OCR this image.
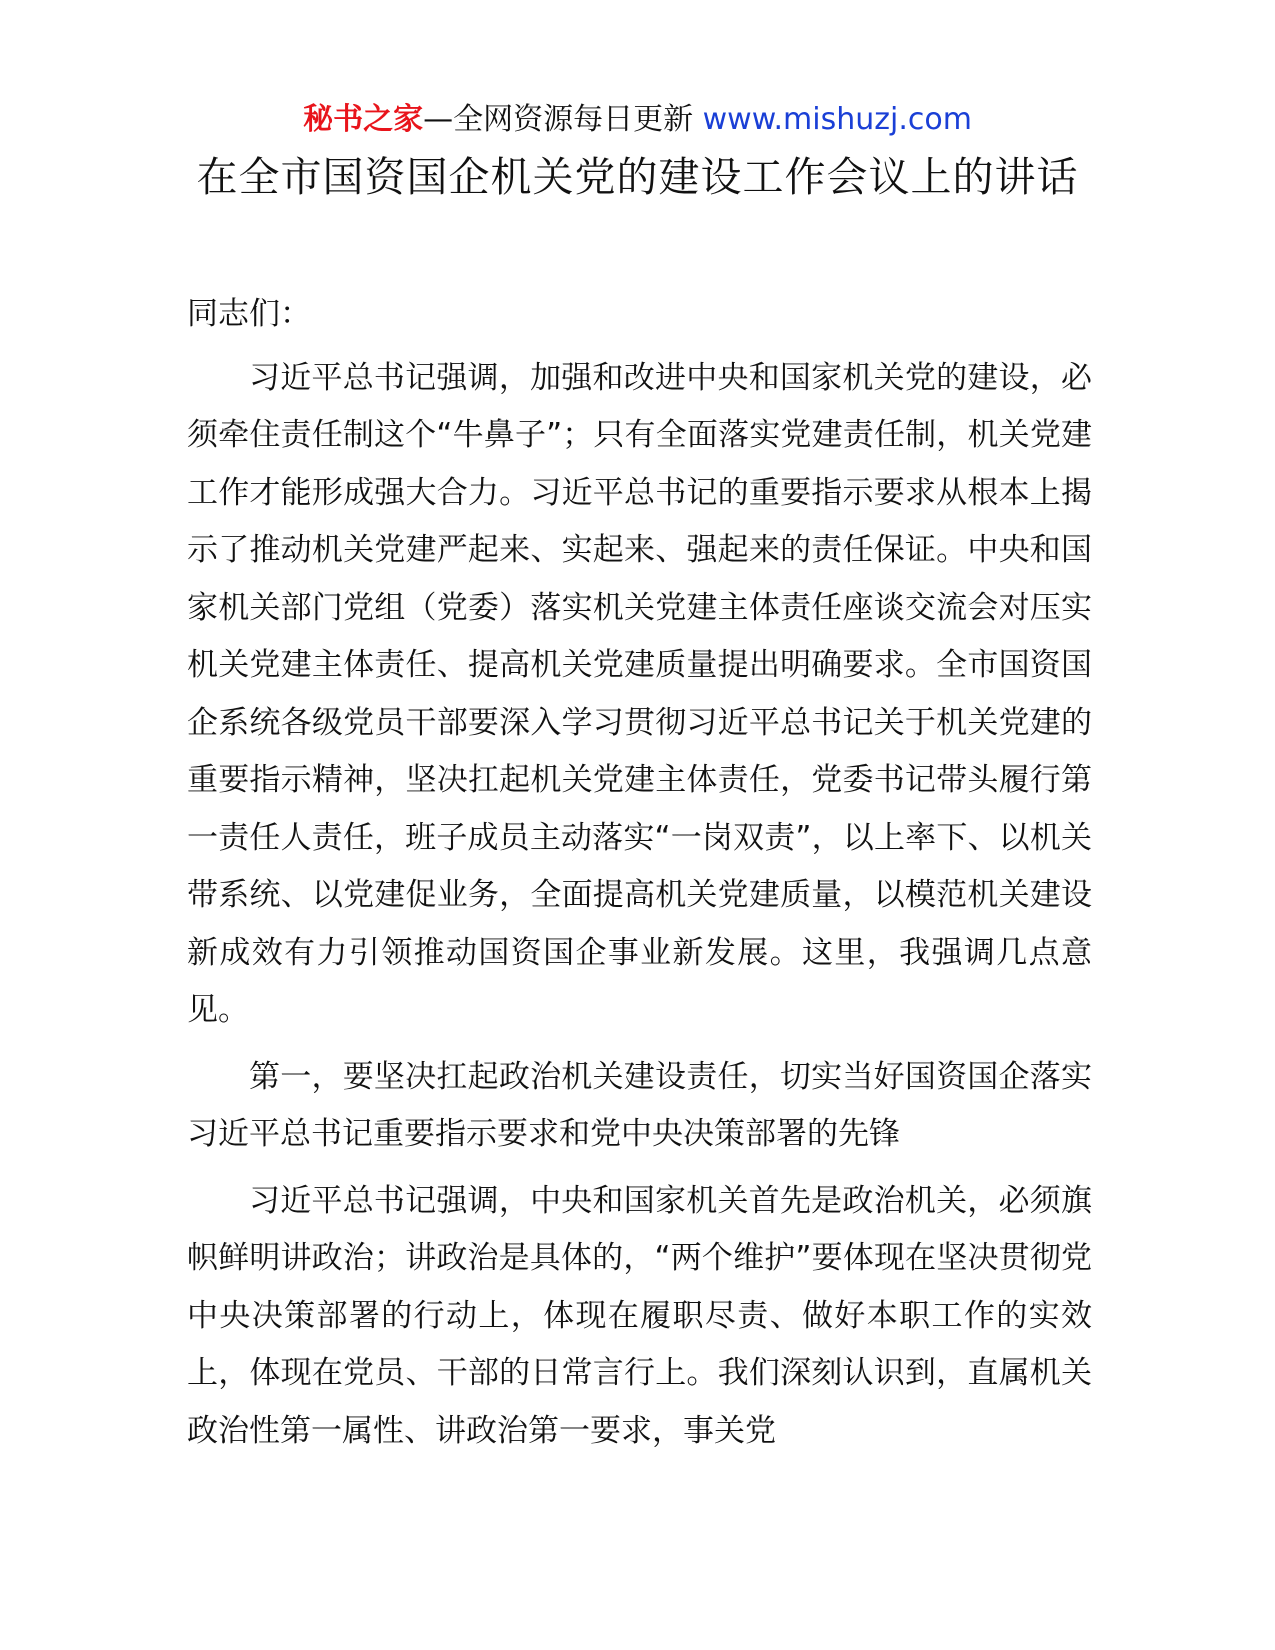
秘书之家—全网资源每日更新 www.mishuzj.com
在全市国资国企机关党的建设工作会议上的讲话

同志们：

习近平总书记强调，加强和改进中央和国家机关党的建设，必须牵住责任制这个“牛鼻子”；只有全面落实党建责任制，机关党建工作才能形成强大合力。习近平总书记的重要指示要求从根本上揭示了推动机关党建严起来、实起来、强起来的责任保证。中央和国家机关部门党组（党委）落实机关党建主体责任座谈交流会对压实机关党建主体责任、提高机关党建质量提出明确要求。全市国资国企系统各级党员干部要深入学习贯彻习近平总书记关于机关党建的重要指示精神，坚决扛起机关党建主体责任，党委书记带头履行第一责任人责任，班子成员主动落实“一岗双责”，以上率下、以机关带系统、以党建促业务，全面提高机关党建质量，以模范机关建设新成效有力引领推动国资国企事业新发展。这里，我强调几点意见。

第一，要坚决扛起政治机关建设责任，切实当好国资国企落实习近平总书记重要指示要求和党中央决策部署的先锋

习近平总书记强调，中央和国家机关首先是政治机关，必须旗帜鲜明讲政治；讲政治是具体的，“两个维护”要体现在坚决贯彻党中央决策部署的行动上，体现在履职尽责、做好本职工作的实效上，体现在党员、干部的日常言行上。我们深刻认识到，直属机关政治性第一属性、讲政治第一要求，事关党
